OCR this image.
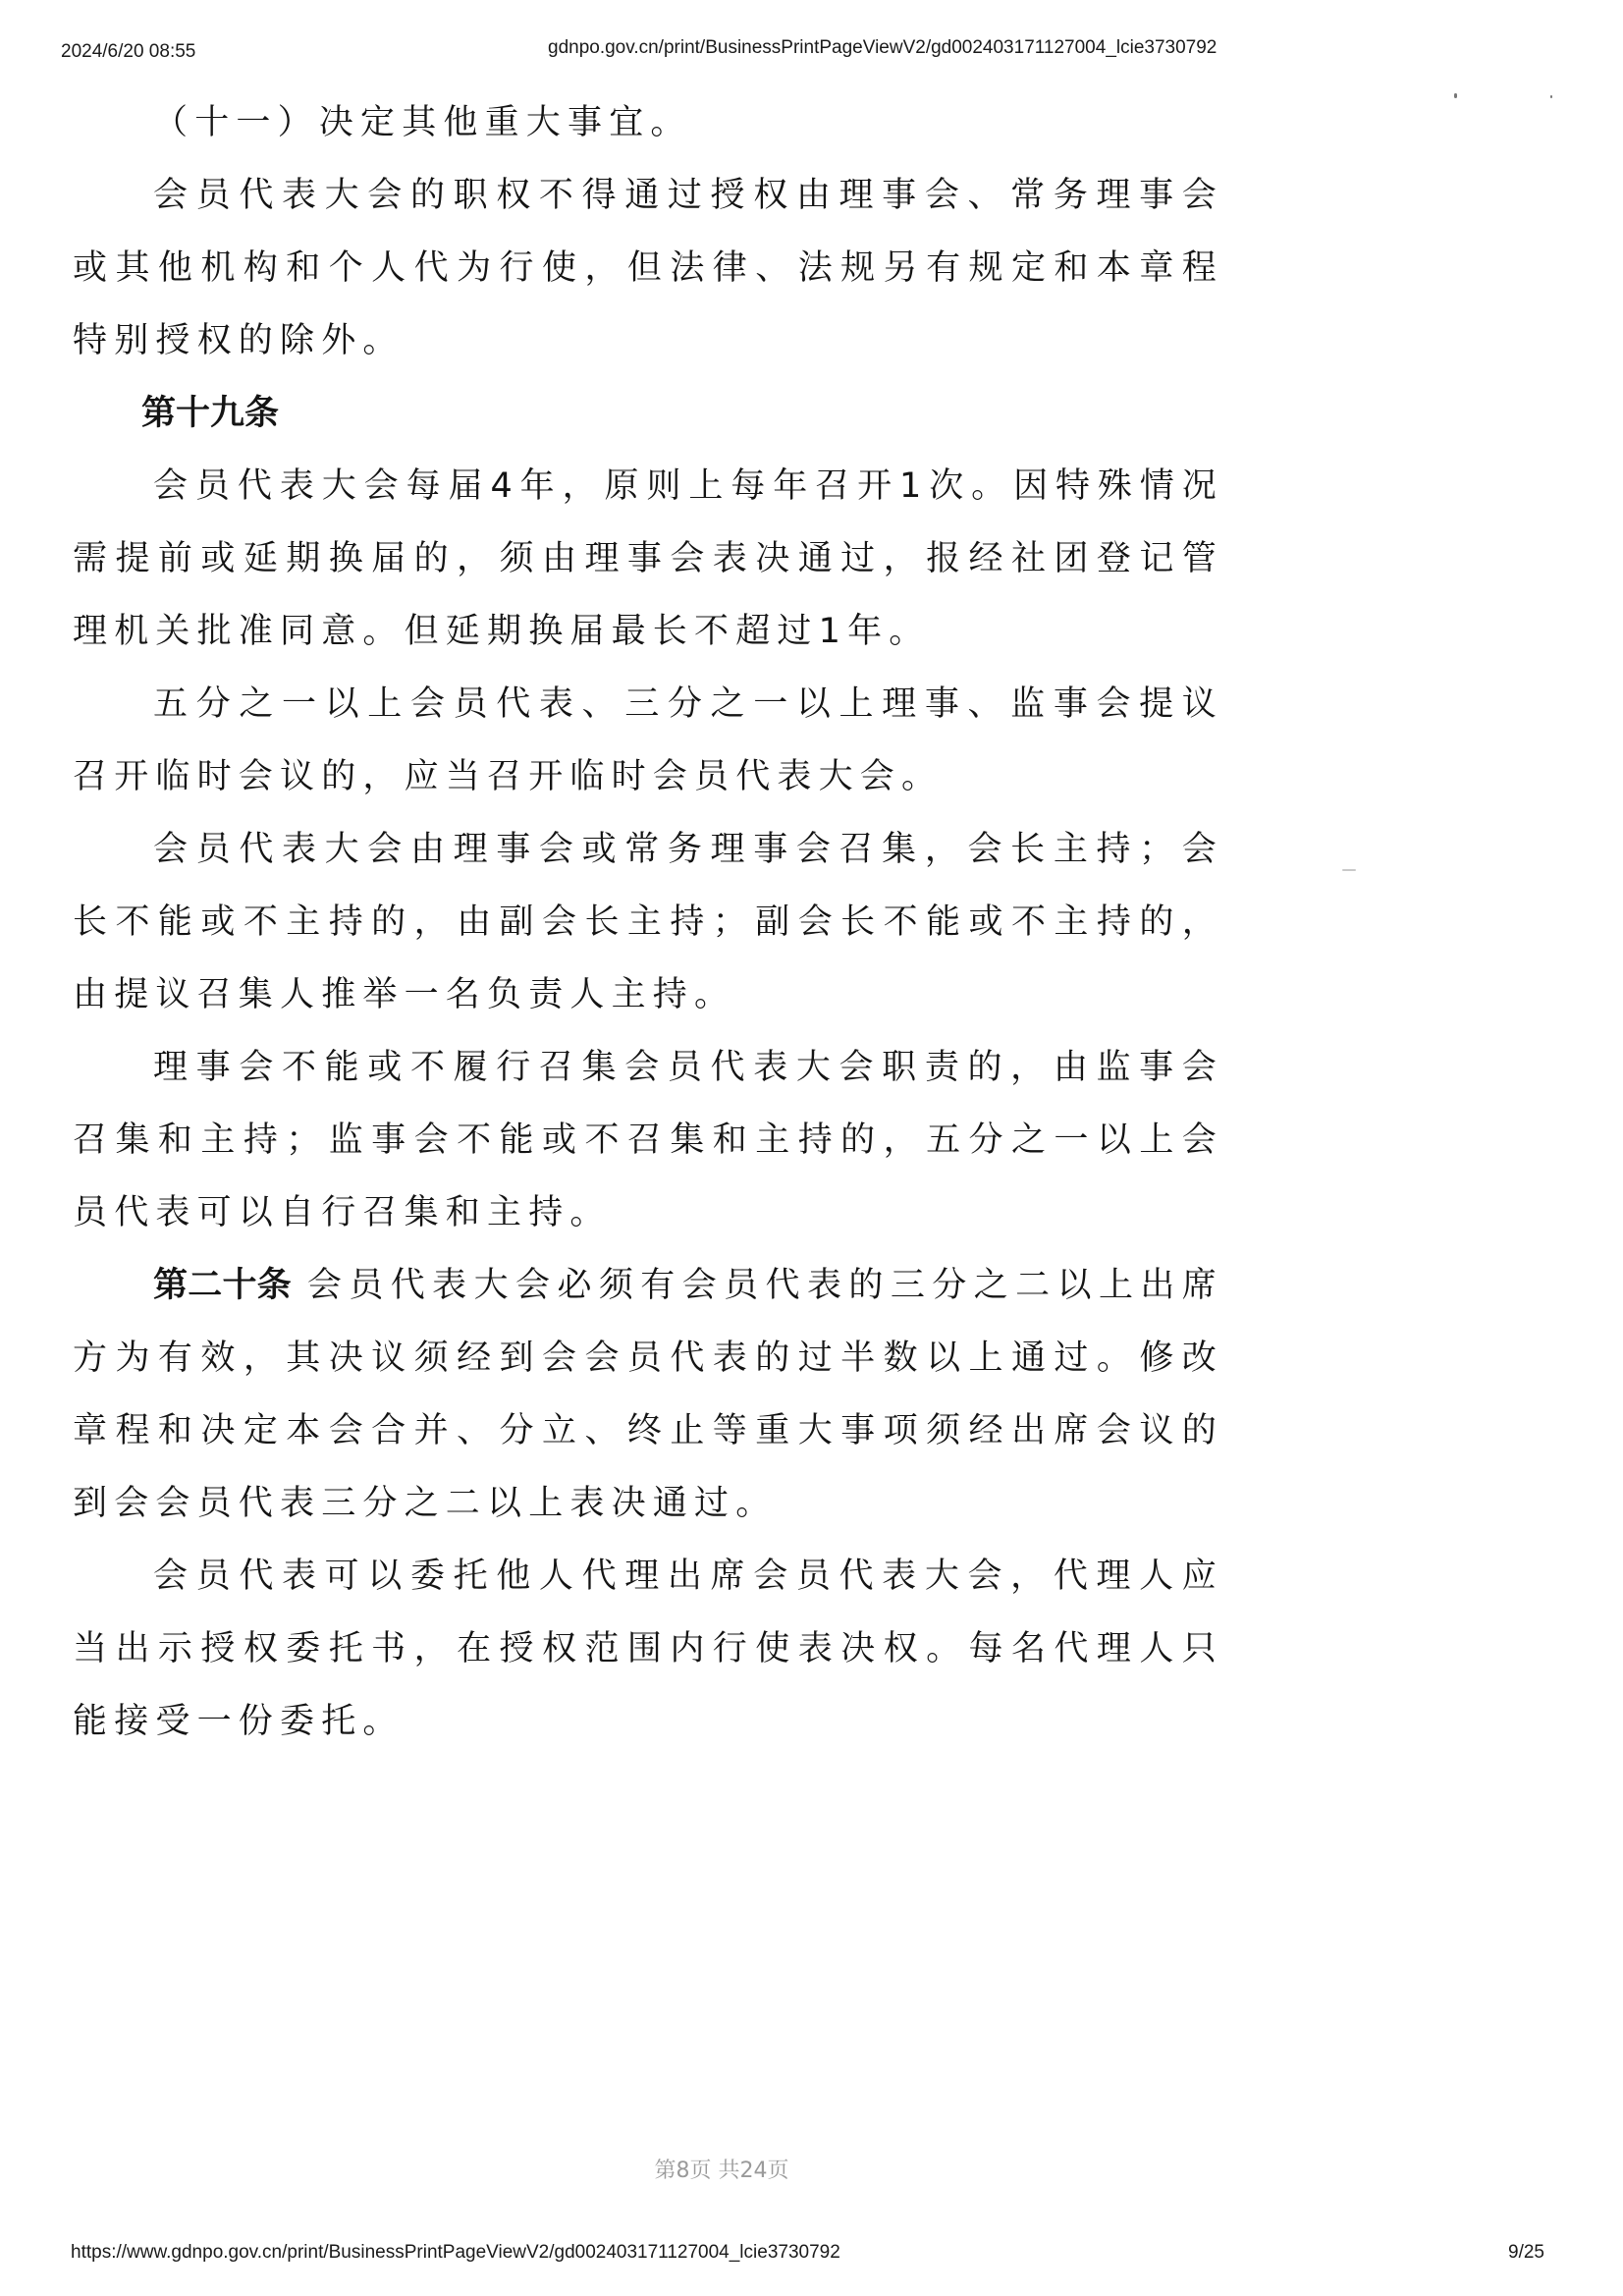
2024/6/20 08:55	gdnpo.gov.cn/print/BusinessPrintPageViewV2/gd002403171127004_lcie3730792

（十一）决定其他重大事宜。

会员代表大会的职权不得通过授权由理事会、常务理事会或其他机构和个人代为行使，但法律、法规另有规定和本章程特别授权的除外。

第十九条

会员代表大会每届4年，原则上每年召开1次。因特殊情况需提前或延期换届的，须由理事会表决通过，报经社团登记管理机关批准同意。但延期换届最长不超过1年。

五分之一以上会员代表、三分之一以上理事、监事会提议召开临时会议的，应当召开临时会员代表大会。

会员代表大会由理事会或常务理事会召集，会长主持；会长不能或不主持的，由副会长主持；副会长不能或不主持的，由提议召集人推举一名负责人主持。

理事会不能或不履行召集会员代表大会职责的，由监事会召集和主持；监事会不能或不召集和主持的，五分之一以上会员代表可以自行召集和主持。

第二十条 会员代表大会必须有会员代表的三分之二以上出席方为有效，其决议须经到会会员代表的过半数以上通过。修改章程和决定本会合并、分立、终止等重大事项须经出席会议的到会会员代表三分之二以上表决通过。

会员代表可以委托他人代理出席会员代表大会，代理人应当出示授权委托书，在授权范围内行使表决权。每名代理人只能接受一份委托。

第8页 共24页
https://www.gdnpo.gov.cn/print/BusinessPrintPageViewV2/gd002403171127004_lcie3730792	9/25
